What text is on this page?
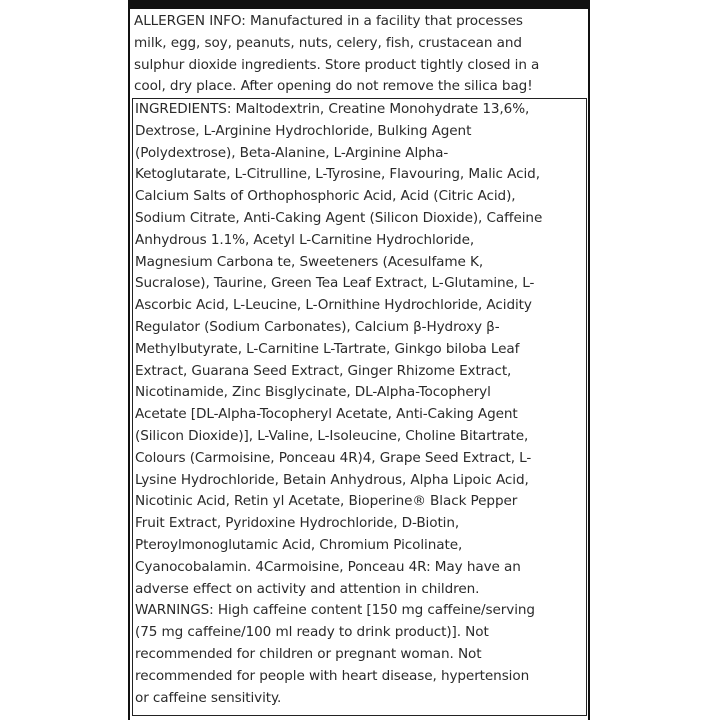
ALLERGEN INFO: Manufactured in a facility that processes
milk, egg, soy, peanuts, nuts, celery, fish, crustacean and
sulphur dioxide ingredients. Store product tightly closed in a
cool, dry place. After opening do not remove the silica bag!
INGREDIENTS: Maltodextrin, Creatine Monohydrate 13,6%,
Dextrose, L-Arginine Hydrochloride, Bulking Agent
(Polydextrose), Beta-Alanine, L-Arginine Alpha-
Ketoglutarate, L-Citrulline, L-Tyrosine, Flavouring, Malic Acid,
Calcium Salts of Orthophosphoric Acid, Acid (Citric Acid),
Sodium Citrate, Anti-Caking Agent (Silicon Dioxide), Caffeine
Anhydrous 1.1%, Acetyl L-Carnitine Hydrochloride,
Magnesium Carbona te, Sweeteners (Acesulfame K,
Sucralose), Taurine, Green Tea Leaf Extract, L-Glutamine, L-
Ascorbic Acid, L-Leucine, L-Ornithine Hydrochloride, Acidity
Regulator (Sodium Carbonates), Calcium β-Hydroxy β-
Methylbutyrate, L-Carnitine L-Tartrate, Ginkgo biloba Leaf
Extract, Guarana Seed Extract, Ginger Rhizome Extract,
Nicotinamide, Zinc Bisglycinate, DL-Alpha-Tocopheryl
Acetate [DL-Alpha-Tocopheryl Acetate, Anti-Caking Agent
(Silicon Dioxide)], L-Valine, L-Isoleucine, Choline Bitartrate,
Colours (Carmoisine, Ponceau 4R)4, Grape Seed Extract, L-
Lysine Hydrochloride, Betain Anhydrous, Alpha Lipoic Acid,
Nicotinic Acid, Retin yl Acetate, Bioperine® Black Pepper
Fruit Extract, Pyridoxine Hydrochloride, D-Biotin,
Pteroylmonoglutamic Acid, Chromium Picolinate,
Cyanocobalamin. 4Carmoisine, Ponceau 4R: May have an
adverse effect on activity and attention in children.
WARNINGS: High caffeine content [150 mg caffeine/serving
(75 mg caffeine/100 ml ready to drink product)]. Not
recommended for children or pregnant woman. Not
recommended for people with heart disease, hypertension
or caffeine sensitivity.
